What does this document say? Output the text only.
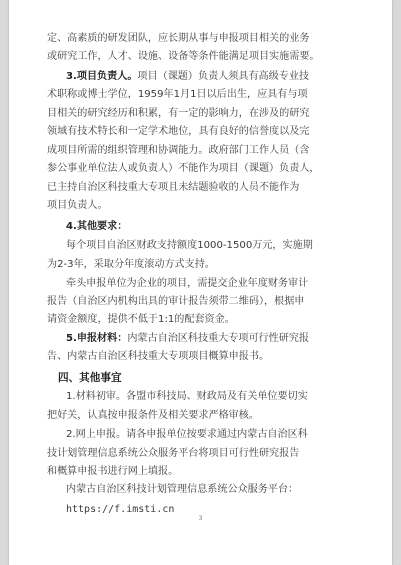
定、高素质的研发团队，应长期从事与申报项目相关的业务
或研究工作，人才、设施、设备等条件能满足项目实施需要。
3.项目负责人。项目（课题）负责人须具有高级专业技
术职称或博士学位，1959年1月1日以后出生，应具有与项
目相关的研究经历和积累，有一定的影响力，在涉及的研究
领域有技术特长和一定学术地位，具有良好的信誉度以及完
成项目所需的组织管理和协调能力。政府部门工作人员（含
参公事业单位法人或负责人）不能作为项目（课题）负责人，
已主持自治区科技重大专项且未结题验收的人员不能作为
项目负责人。
4.其他要求：
每个项目自治区财政支持额度1000-1500万元，实施期
为2-3年，采取分年度滚动方式支持。
牵头申报单位为企业的项目，需提交企业年度财务审计
报告（自治区内机构出具的审计报告须带二维码），根据申
请资金额度，提供不低于1:1的配套资金。
5.申报材料：内蒙古自治区科技重大专项可行性研究报
告、内蒙古自治区科技重大专项项目概算申报书。
四、其他事宜
1.材料初审。各盟市科技局、财政局及有关单位要切实
把好关，认真按申报条件及相关要求严格审核。
2.网上申报。请各申报单位按要求通过内蒙古自治区科
技计划管理信息系统公众服务平台将项目可行性研究报告
和概算申报书进行网上填报。
内蒙古自治区科技计划管理信息系统公众服务平台：
https://f.imsti.cn
3
